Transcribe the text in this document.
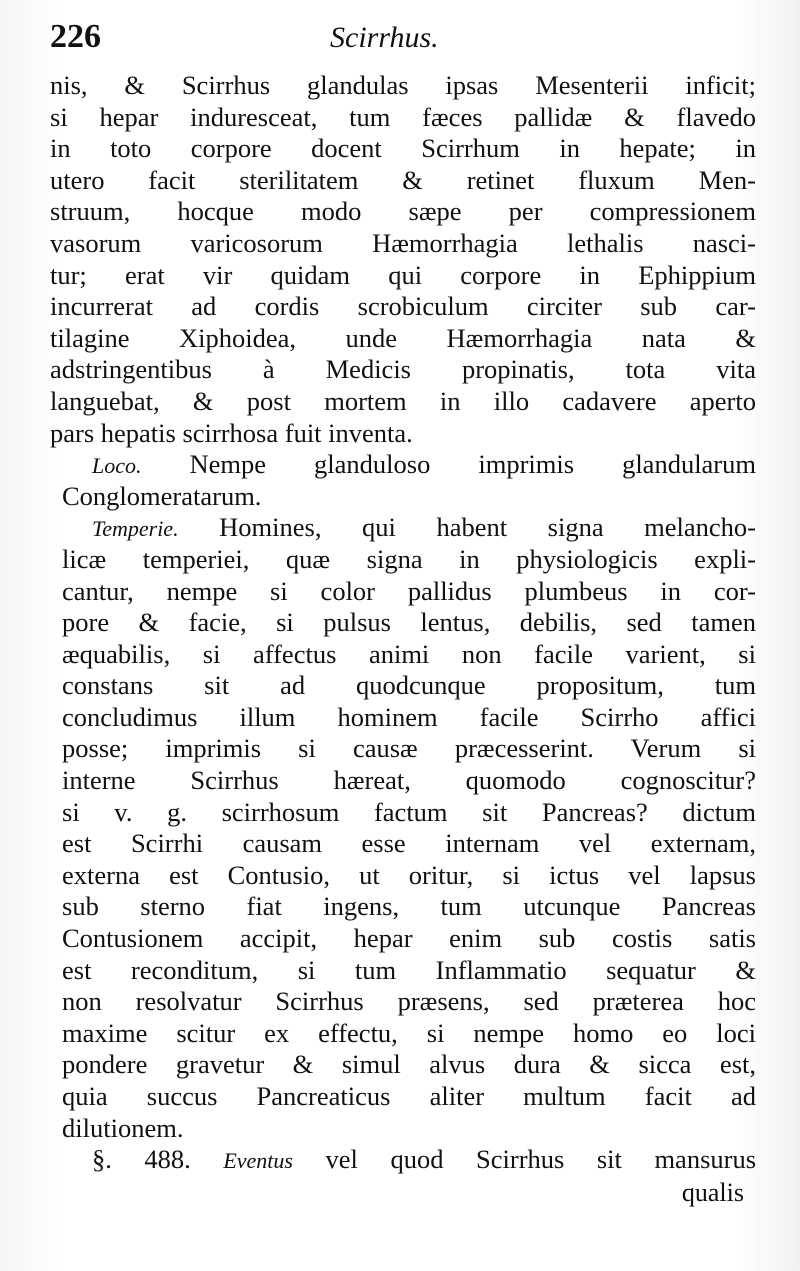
226	Scirrhus.
nis, & Scirrhus glandulas ipsas Mesenterii inficit;
si hepar induresceat, tum fæces pallidæ & flavedo
in toto corpore docent Scirrhum in hepate; in
utero facit sterilitatem & retinet fluxum Men-
struum, hocque modo sæpe per compressionem
vasorum varicosorum Hæmorrhagia lethalis nasci-
tur; erat vir quidam qui corpore in Ephippium
incurrerat ad cordis scrobiculum circiter sub car-
tilagine Xiphoidea, unde Hæmorrhagia nata &
adstringentibus à Medicis propinatis, tota vita
languebat, & post mortem in illo cadavere aperto
pars hepatis scirrhosa fuit inventa.
Loco. Nempe glanduloso imprimis glandularum
Conglomeratarum.
Temperie. Homines, qui habent signa melancho-
licæ temperiei, quæ signa in physiologicis expli-
cantur, nempe si color pallidus plumbeus in cor-
pore & facie, si pulsus lentus, debilis, sed tamen
æquabilis, si affectus animi non facile varient, si
constans sit ad quodcunque propositum, tum
concludimus illum hominem facile Scirrho affici
posse; imprimis si causæ præcesserint. Verum si
interne Scirrhus hæreat, quomodo cognoscitur?
si v. g. scirrhosum factum sit Pancreas? dictum
est Scirrhi causam esse internam vel externam,
externa est Contusio, ut oritur, si ictus vel lapsus
sub sterno fiat ingens, tum utcunque Pancreas
Contusionem accipit, hepar enim sub costis satis
est reconditum, si tum Inflammatio sequatur &
non resolvatur Scirrhus præsens, sed præterea hoc
maxime scitur ex effectu, si nempe homo eo loci
pondere gravetur & simul alvus dura & sicca est,
quia succus Pancreaticus aliter multum facit ad
dilutionem.
§. 488. Eventus vel quod Scirrhus sit mansurus
qualis
